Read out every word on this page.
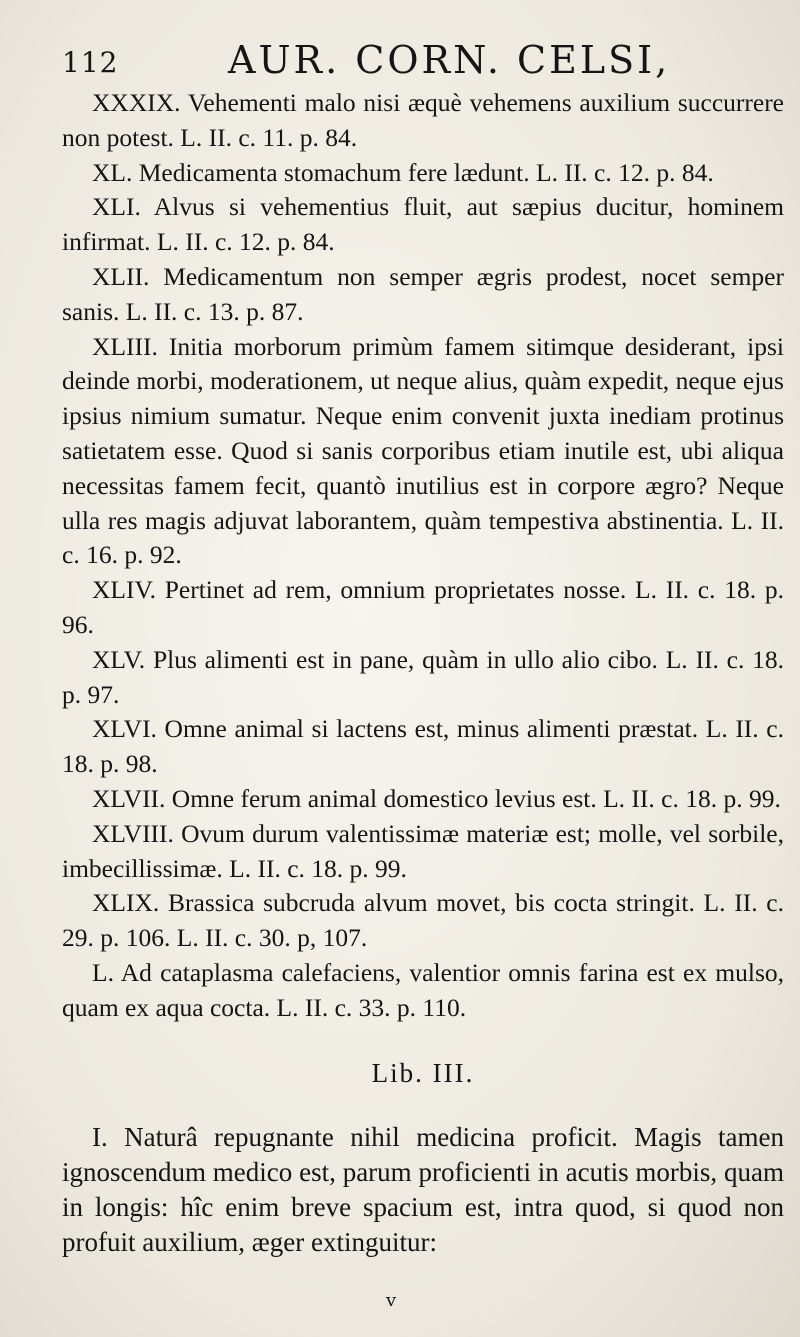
112	AUR. CORN. CELSI,

XXXIX. Vehementi malo nisi æquè vehemens auxilium succurrere non potest. L. II. c. 11. p. 84.

XL. Medicamenta stomachum fere lædunt. L. II. c. 12. p. 84.

XLI. Alvus si vehementius fluit, aut sæpius ducitur, hominem infirmat. L. II. c. 12. p. 84.

XLII. Medicamentum non semper ægris prodest, nocet semper sanis. L. II. c. 13. p. 87.

XLIII. Initia morborum primùm famem sitimque desiderant, ipsi deinde morbi, moderationem, ut neque alius, quàm expedit, neque ejus ipsius nimium sumatur. Neque enim convenit juxta inediam protinus satietatem esse. Quod si sanis corporibus etiam inutile est, ubi aliqua necessitas famem fecit, quantò inutilius est in corpore ægro? Neque ulla res magis adjuvat laborantem, quàm tempestiva abstinentia. L. II. c. 16. p. 92.

XLIV. Pertinet ad rem, omnium proprietates nosse. L. II. c. 18. p. 96.

XLV. Plus alimenti est in pane, quàm in ullo alio cibo. L. II. c. 18. p. 97.

XLVI. Omne animal si lactens est, minus alimenti præstat. L. II. c. 18. p. 98.

XLVII. Omne ferum animal domestico levius est. L. II. c. 18. p. 99.

XLVIII. Ovum durum valentissimæ materiæ est; molle, vel sorbile, imbecillissimæ. L. II. c. 18. p. 99.

XLIX. Brassica subcruda alvum movet, bis cocta stringit. L. II. c. 29. p. 106. L. II. c. 30. p, 107.

L. Ad cataplasma calefaciens, valentior omnis farina est ex mulso, quam ex aqua cocta. L. II. c. 33. p. 110.

Lib. III.

I. Naturâ repugnante nihil medicina proficit. Magis tamen ignoscendum medico est, parum proficienti in acutis morbis, quam in longis: hîc enim breve spacium est, intra quod, si quod non profuit auxilium, æger extinguitur:

v
